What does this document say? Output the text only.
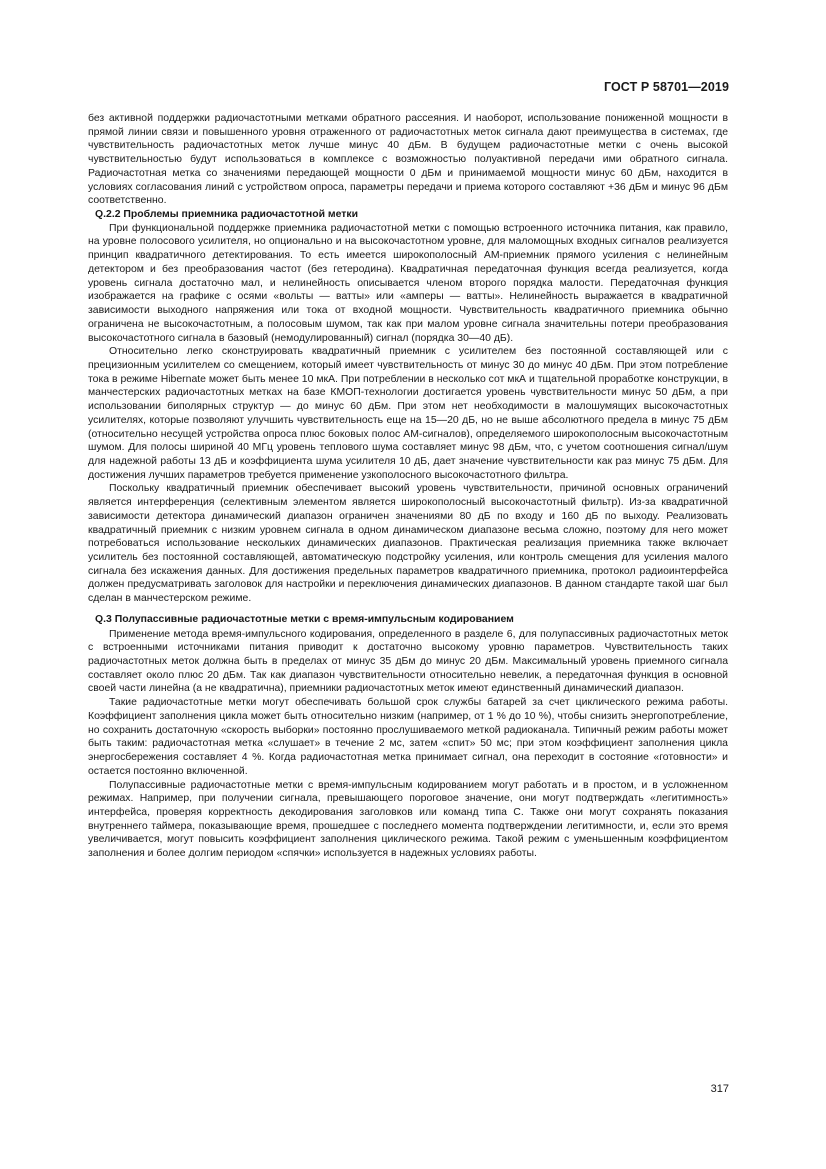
ГОСТ Р 58701—2019

без активной поддержки радиочастотными метками обратного рассеяния. И наоборот, использование пониженной мощности в прямой линии связи и повышенного уровня отраженного от радиочастотных меток сигнала дают преимущества в системах, где чувствительность радиочастотных меток лучше минус 40 дБм. В будущем радиочастотные метки с очень высокой чувствительностью будут использоваться в комплексе с возможностью полуактивной передачи ими обратного сигнала. Радиочастотная метка со значениями передающей мощности 0 дБм и принимаемой мощности минус 60 дБм, находится в условиях согласования линий с устройством опроса, параметры передачи и приема которого составляют +36 дБм и минус 96 дБм соответственно.

Q.2.2 Проблемы приемника радиочастотной метки

При функциональной поддержке приемника радиочастотной метки с помощью встроенного источника питания, как правило, на уровне полосового усилителя, но опционально и на высокочастотном уровне, для маломощных входных сигналов реализуется принцип квадратичного детектирования. То есть имеется широкополосный АМ-приемник прямого усиления с нелинейным детектором и без преобразования частот (без гетеродина). Квадратичная передаточная функция всегда реализуется, когда уровень сигнала достаточно мал, и нелинейность описывается членом второго порядка малости. Передаточная функция изображается на графике с осями «вольты — ватты» или «амперы — ватты». Нелинейность выражается в квадратичной зависимости выходного напряжения или тока от входной мощности. Чувствительность квадратичного приемника обычно ограничена не высокочастотным, а полосовым шумом, так как при малом уровне сигнала значительны потери преобразования высокочастотного сигнала в базовый (немодулированный) сигнал (порядка 30—40 дБ).

Относительно легко сконструировать квадратичный приемник с усилителем без постоянной составляющей или с прецизионным усилителем со смещением, который имеет чувствительность от минус 30 до минус 40 дБм. При этом потребление тока в режиме Hibernate может быть менее 10 мкА. При потреблении в несколько сот мкА и тщательной проработке конструкции, в манчестерских радиочастотных метках на базе КМОП-технологии достигается уровень чувствительности минус 50 дБм, а при использовании биполярных структур — до минус 60 дБм. При этом нет необходимости в малошумящих высокочастотных усилителях, которые позволяют улучшить чувствительность еще на 15—20 дБ, но не выше абсолютного предела в минус 75 дБм (относительно несущей устройства опроса плюс боковых полос АМ-сигналов), определяемого широкополосным высокочастотным шумом. Для полосы шириной 40 МГц уровень теплового шума составляет минус 98 дБм, что, с учетом соотношения сигнал/шум для надежной работы 13 дБ и коэффициента шума усилителя 10 дБ, дает значение чувствительности как раз минус 75 дБм. Для достижения лучших параметров требуется применение узкополосного высокочастотного фильтра.

Поскольку квадратичный приемник обеспечивает высокий уровень чувствительности, причиной основных ограничений является интерференция (селективным элементом является широкополосный высокочастотный фильтр). Из-за квадратичной зависимости детектора динамический диапазон ограничен значениями 80 дБ по входу и 160 дБ по выходу. Реализовать квадратичный приемник с низким уровнем сигнала в одном динамическом диапазоне весьма сложно, поэтому для него может потребоваться использование нескольких динамических диапазонов. Практическая реализация приемника также включает усилитель без постоянной составляющей, автоматическую подстройку усиления, или контроль смещения для усиления малого сигнала без искажения данных. Для достижения предельных параметров квадратичного приемника, протокол радиоинтерфейса должен предусматривать заголовок для настройки и переключения динамических диапазонов. В данном стандарте такой шаг был сделан в манчестерском режиме.

Q.3 Полупассивные радиочастотные метки с время-импульсным кодированием

Применение метода время-импульсного кодирования, определенного в разделе 6, для полупассивных радиочастотных меток с встроенными источниками питания приводит к достаточно высокому уровню параметров. Чувствительность таких радиочастотных меток должна быть в пределах от минус 35 дБм до минус 20 дБм. Максимальный уровень приемного сигнала составляет около плюс 20 дБм. Так как диапазон чувствительности относительно невелик, а передаточная функция в основной своей части линейна (а не квадратична), приемники радиочастотных меток имеют единственный динамический диапазон.

Такие радиочастотные метки могут обеспечивать большой срок службы батарей за счет циклического режима работы. Коэффициент заполнения цикла может быть относительно низким (например, от 1 % до 10 %), чтобы снизить энергопотребление, но сохранить достаточную «скорость выборки» постоянно прослушиваемого меткой радиоканала. Типичный режим работы может быть таким: радиочастотная метка «слушает» в течение 2 мс, затем «спит» 50 мс; при этом коэффициент заполнения цикла энергосбережения составляет 4 %. Когда радиочастотная метка принимает сигнал, она переходит в состояние «готовности» и остается постоянно включенной.

Полупассивные радиочастотные метки с время-импульсным кодированием могут работать и в простом, и в усложненном режимах. Например, при получении сигнала, превышающего пороговое значение, они могут подтверждать «легитимность» интерфейса, проверяя корректность декодирования заголовков или команд типа С. Также они могут сохранять показания внутреннего таймера, показывающие время, прошедшее с последнего момента подтверждении легитимности, и, если это время увеличивается, могут повысить коэффициент заполнения циклического режима. Такой режим с уменьшенным коэффициентом заполнения и более долгим периодом «спячки» используется в надежных условиях работы.

317
